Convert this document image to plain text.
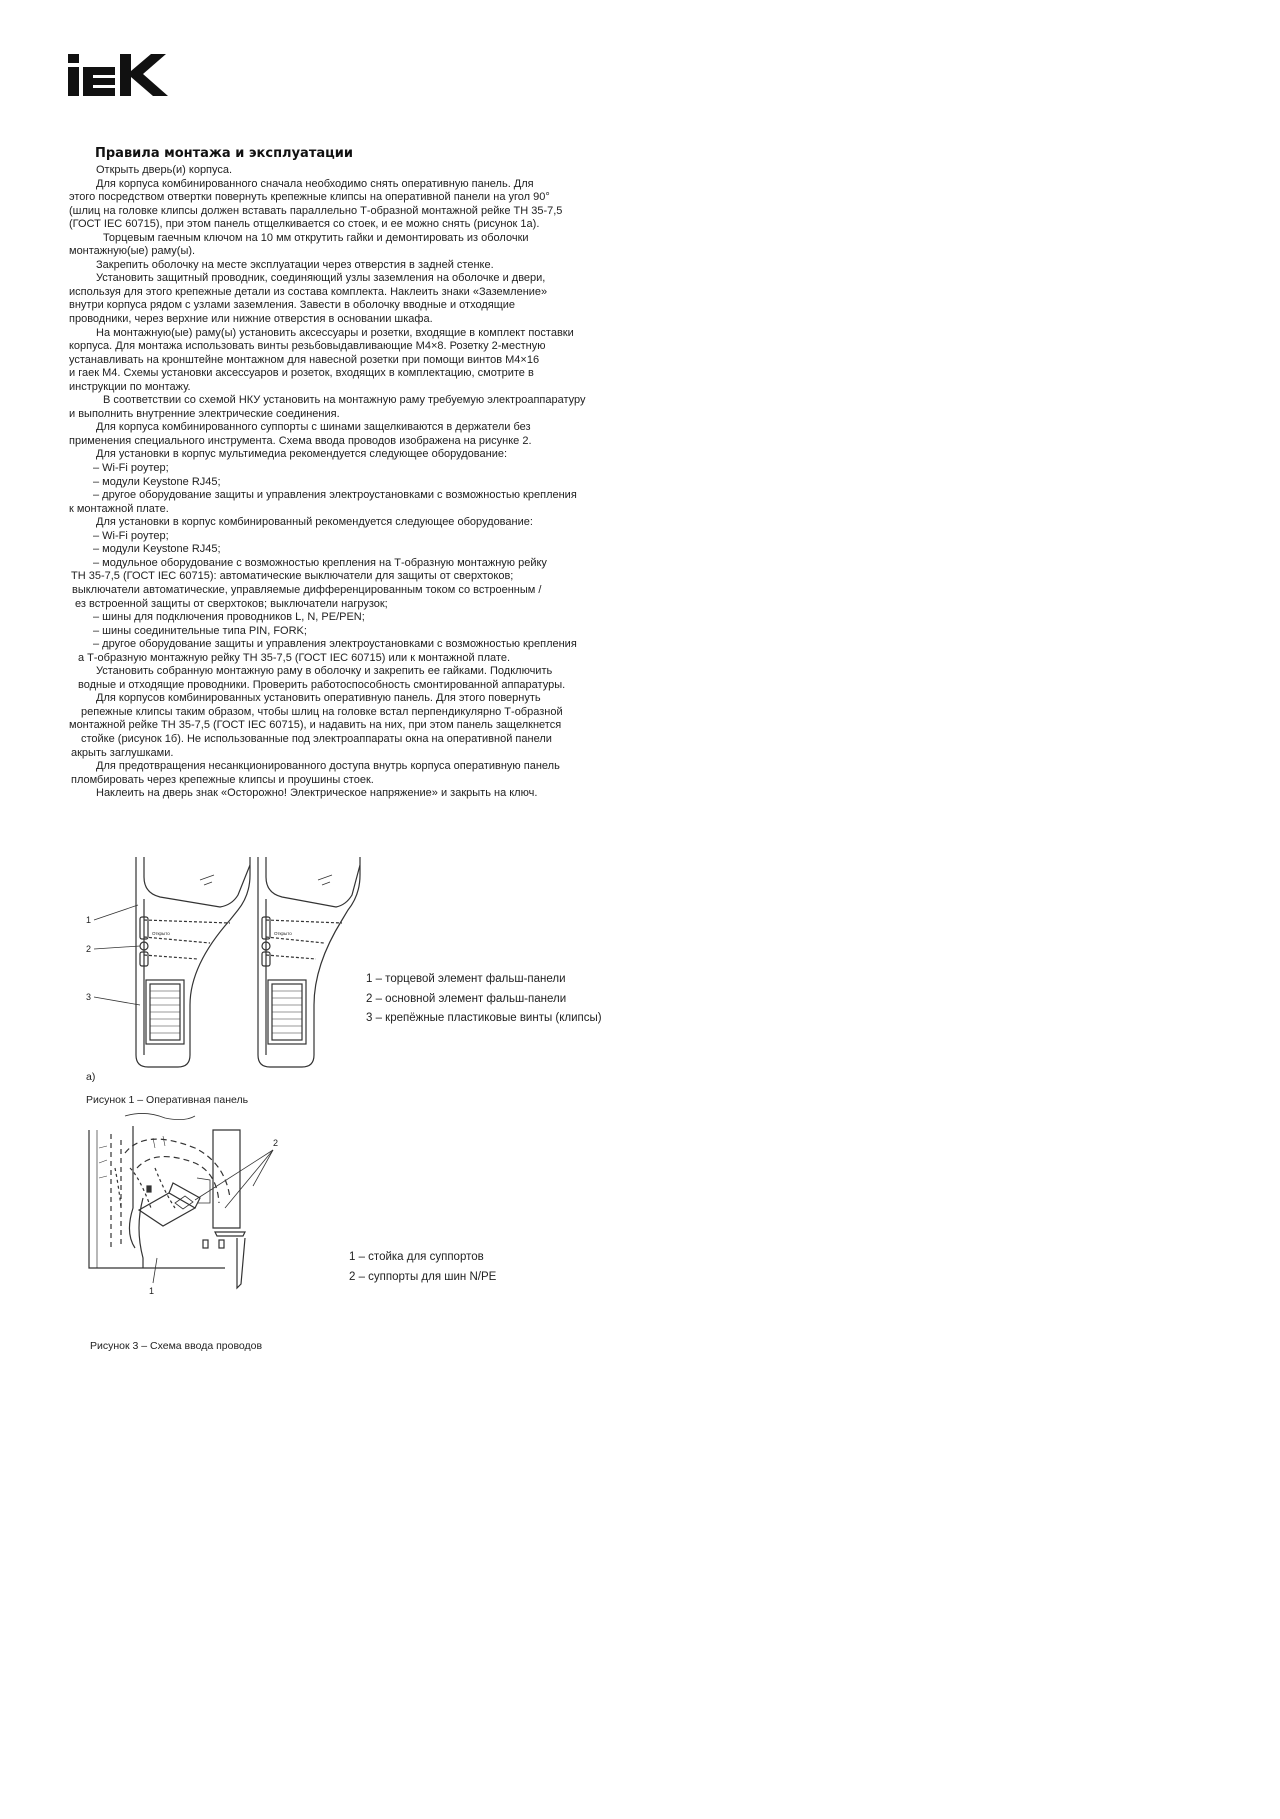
Правила монтажа и эксплуатации
Открыть дверь(и) корпуса.
Для корпуса комбинированного сначала необходимо снять оперативную панель. Для
этого посредством отвертки повернуть крепежные клипсы на оперативной панели на угол 90°
(шлиц на головке клипсы должен вставать параллельно Т-образной монтажной рейке ТН 35-7,5
(ГОСТ IEC 60715), при этом панель отщелкивается со стоек, и ее можно снять (рисунок 1а).
Торцевым гаечным ключом на 10 мм открутить гайки и демонтировать из оболочки
монтажную(ые) раму(ы).
Закрепить оболочку на месте эксплуатации через отверстия в задней стенке.
Установить защитный проводник, соединяющий узлы заземления на оболочке и двери,
используя для этого крепежные детали из состава комплекта. Наклеить знаки «Заземление»
внутри корпуса рядом с узлами заземления. Завести в оболочку вводные и отходящие
проводники, через верхние или нижние отверстия в основании шкафа.
На монтажную(ые) раму(ы) установить аксессуары и розетки, входящие в комплект поставки
корпуса. Для монтажа использовать винты резьбовыдавливающие М4×8. Розетку 2-местную
устанавливать на кронштейне монтажном для навесной розетки при помощи винтов М4×16
и гаек М4. Схемы установки аксессуаров и розеток, входящих в комплектацию, смотрите в
инструкции по монтажу.
В соответствии со схемой НКУ установить на монтажную раму требуемую электроаппаратуру
и выполнить внутренние электрические соединения.
Для корпуса комбинированного суппорты с шинами защелкиваются в держатели без
применения специального инструмента. Схема ввода проводов изображена на рисунке 2.
Для установки в корпус мультимедиа рекомендуется следующее оборудование:
– Wi-Fi роутер;
– модули Keystone RJ45;
– другое оборудование защиты и управления электроустановками с возможностью крепления
к монтажной плате.
Для установки в корпус комбинированный рекомендуется следующее оборудование:
– Wi-Fi роутер;
– модули Keystone RJ45;
– модульное оборудование с возможностью крепления на Т-образную монтажную рейку
ТН 35-7,5 (ГОСТ IEC 60715): автоматические выключатели для защиты от сверхтоков;
выключатели автоматические, управляемые дифференцированным током со встроенным /
ез встроенной защиты от сверхтоков; выключатели нагрузок;
– шины для подключения проводников L, N, PE/PEN;
– шины соединительные типа PIN, FORK;
– другое оборудование защиты и управления электроустановками с возможностью крепления
а Т-образную монтажную рейку ТН 35-7,5 (ГОСТ IEC 60715) или к монтажной плате.
Установить собранную монтажную раму в оболочку и закрепить ее гайками. Подключить
водные и отходящие проводники. Проверить работоспособность смонтированной аппаратуры.
Для корпусов комбинированных установить оперативную панель. Для этого повернуть
репежные клипсы таким образом, чтобы шлиц на головке встал перпендикулярно Т-образной
монтажной рейке ТН 35-7,5 (ГОСТ IEC 60715), и надавить на них, при этом панель защелкнется
стойке (рисунок 1б). Не использованные под электроаппараты окна на оперативной панели
акрыть заглушками.
Для предотвращения несанкционированного доступа внутрь корпуса оперативную панель
пломбировать через крепежные клипсы и проушины стоек.
Наклеить на дверь знак «Осторожно! Электрическое напряжение» и закрыть на ключ.
1
2
3
Открыто	Открыто
1 – торцевой элемент фальш-панели
2 – основной элемент фальш-панели
3 – крепёжные пластиковые винты (клипсы)
а)
Рисунок 1 – Оперативная панель
2
1
1 – стойка для суппортов
2 – суппорты для шин N/PE
Рисунок 3 – Схема ввода проводов
